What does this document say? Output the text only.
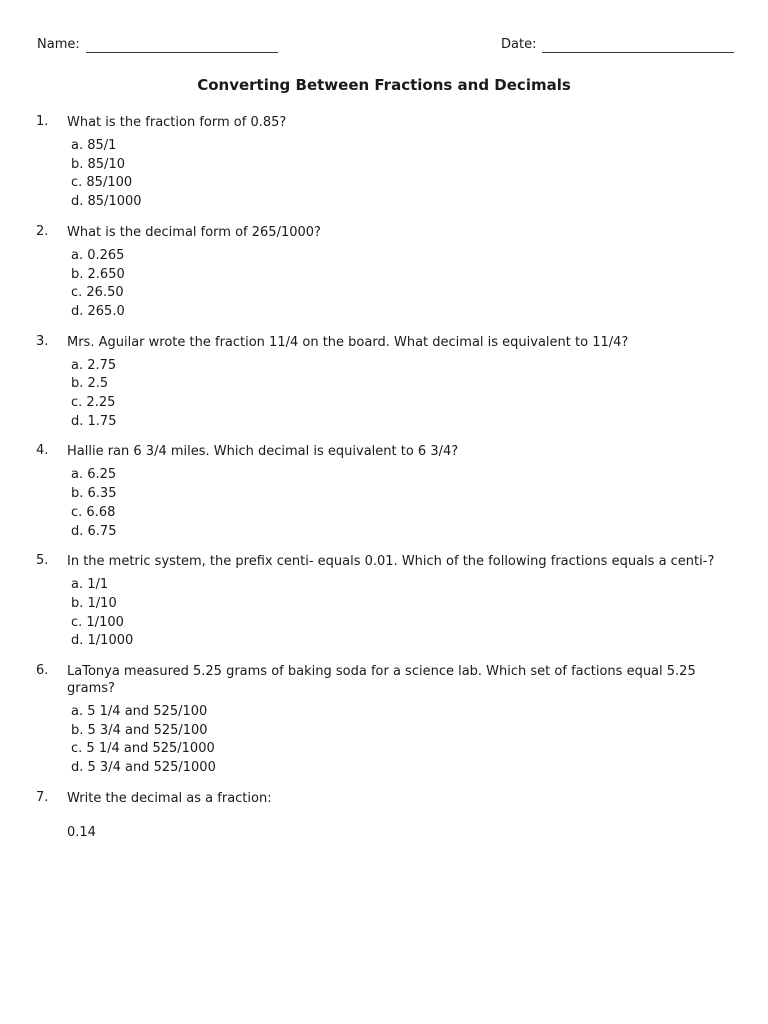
Name:	Date:
Converting Between Fractions and Decimals
1. What is the fraction form of 0.85?
a. 85/1
b. 85/10
c. 85/100
d. 85/1000
2. What is the decimal form of 265/1000?
a. 0.265
b. 2.650
c. 26.50
d. 265.0
3. Mrs. Aguilar wrote the fraction 11/4 on the board. What decimal is equivalent to 11/4?
a. 2.75
b. 2.5
c. 2.25
d. 1.75
4. Hallie ran 6 3/4 miles. Which decimal is equivalent to 6 3/4?
a. 6.25
b. 6.35
c. 6.68
d. 6.75
5. In the metric system, the prefix centi- equals 0.01. Which of the following fractions equals a centi-?
a. 1/1
b. 1/10
c. 1/100
d. 1/1000
6. LaTonya measured 5.25 grams of baking soda for a science lab. Which set of factions equal 5.25 grams?
a. 5 1/4 and 525/100
b. 5 3/4 and 525/100
c. 5 1/4 and 525/1000
d. 5 3/4 and 525/1000
7. Write the decimal as a fraction:
0.14
